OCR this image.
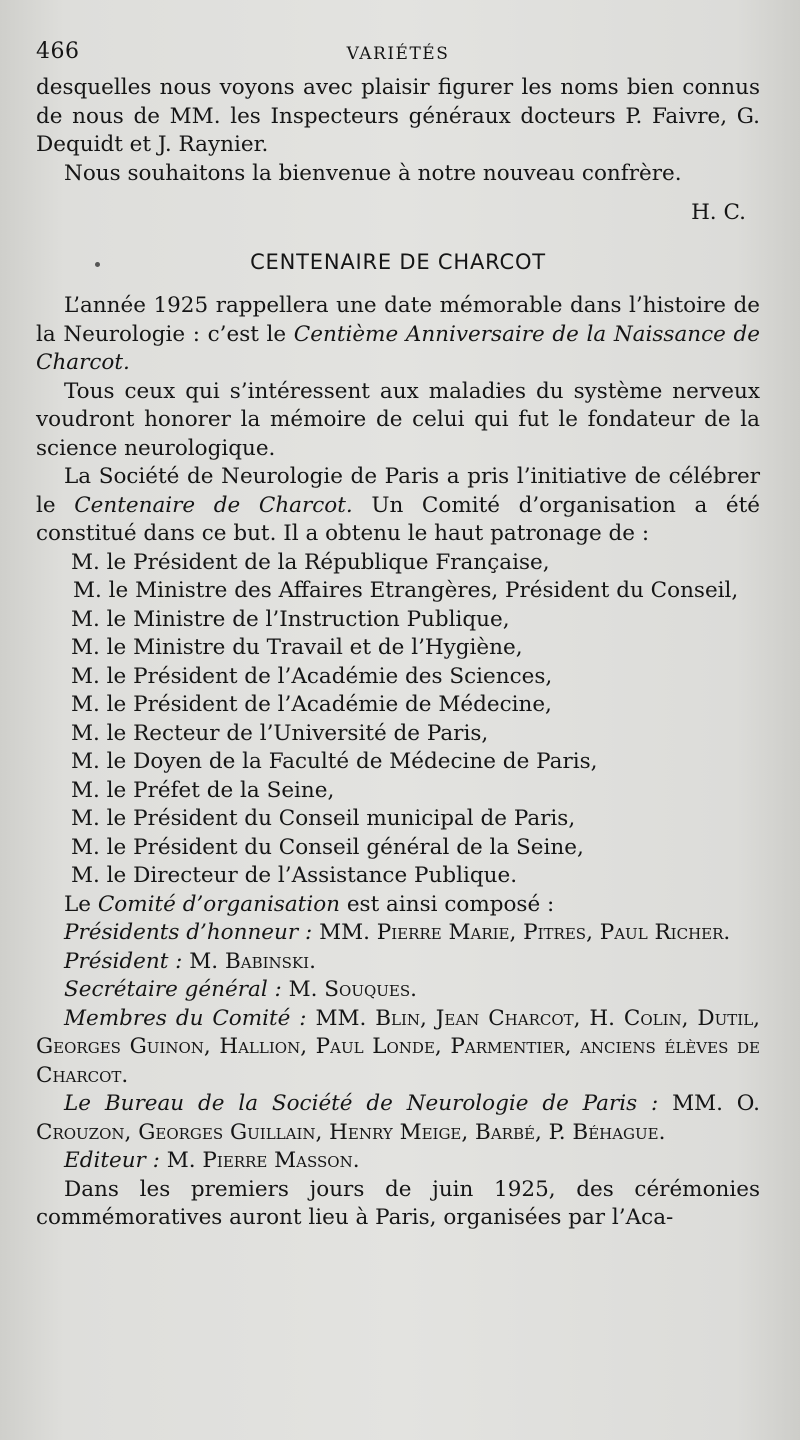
466	VARIÉTÉS

desquelles nous voyons avec plaisir figurer les noms bien connus de nous de MM. les Inspecteurs généraux docteurs P. Faivre, G. Dequidt et J. Raynier.

Nous souhaitons la bienvenue à notre nouveau confrère.

H. C.
CENTENAIRE DE CHARCOT

L’année 1925 rappellera une date mémorable dans l’histoire de la Neurologie : c’est le Centième Anniversaire de la Naissance de Charcot.

Tous ceux qui s’intéressent aux maladies du système nerveux voudront honorer la mémoire de celui qui fut le fondateur de la science neurologique.

La Société de Neurologie de Paris a pris l’initiative de célébrer le Centenaire de Charcot. Un Comité d’organisation a été constitué dans ce but. Il a obtenu le haut patronage de :

M. le Président de la République Française,

M. le Ministre des Affaires Etrangères, Président du Conseil,

M. le Ministre de l’Instruction Publique,

M. le Ministre du Travail et de l’Hygiène,

M. le Président de l’Académie des Sciences,

M. le Président de l’Académie de Médecine,

M. le Recteur de l’Université de Paris,

M. le Doyen de la Faculté de Médecine de Paris,

M. le Préfet de la Seine,

M. le Président du Conseil municipal de Paris,

M. le Président du Conseil général de la Seine,

M. le Directeur de l’Assistance Publique.

Le Comité d’organisation est ainsi composé :

Présidents d’honneur : MM. Pierre Marie, Pitres, Paul Richer.

Président : M. Babinski.

Secrétaire général : M. Souques.

Membres du Comité : MM. Blin, Jean Charcot, H. Colin, Dutil, Georges Guinon, Hallion, Paul Londe, Parmentier, anciens élèves de Charcot.

Le Bureau de la Société de Neurologie de Paris : MM. O. Crouzon, Georges Guillain, Henry Meige, Barbé, P. Béhague.

Editeur : M. Pierre Masson.

Dans les premiers jours de juin 1925, des cérémonies commémoratives auront lieu à Paris, organisées par l’Aca-
